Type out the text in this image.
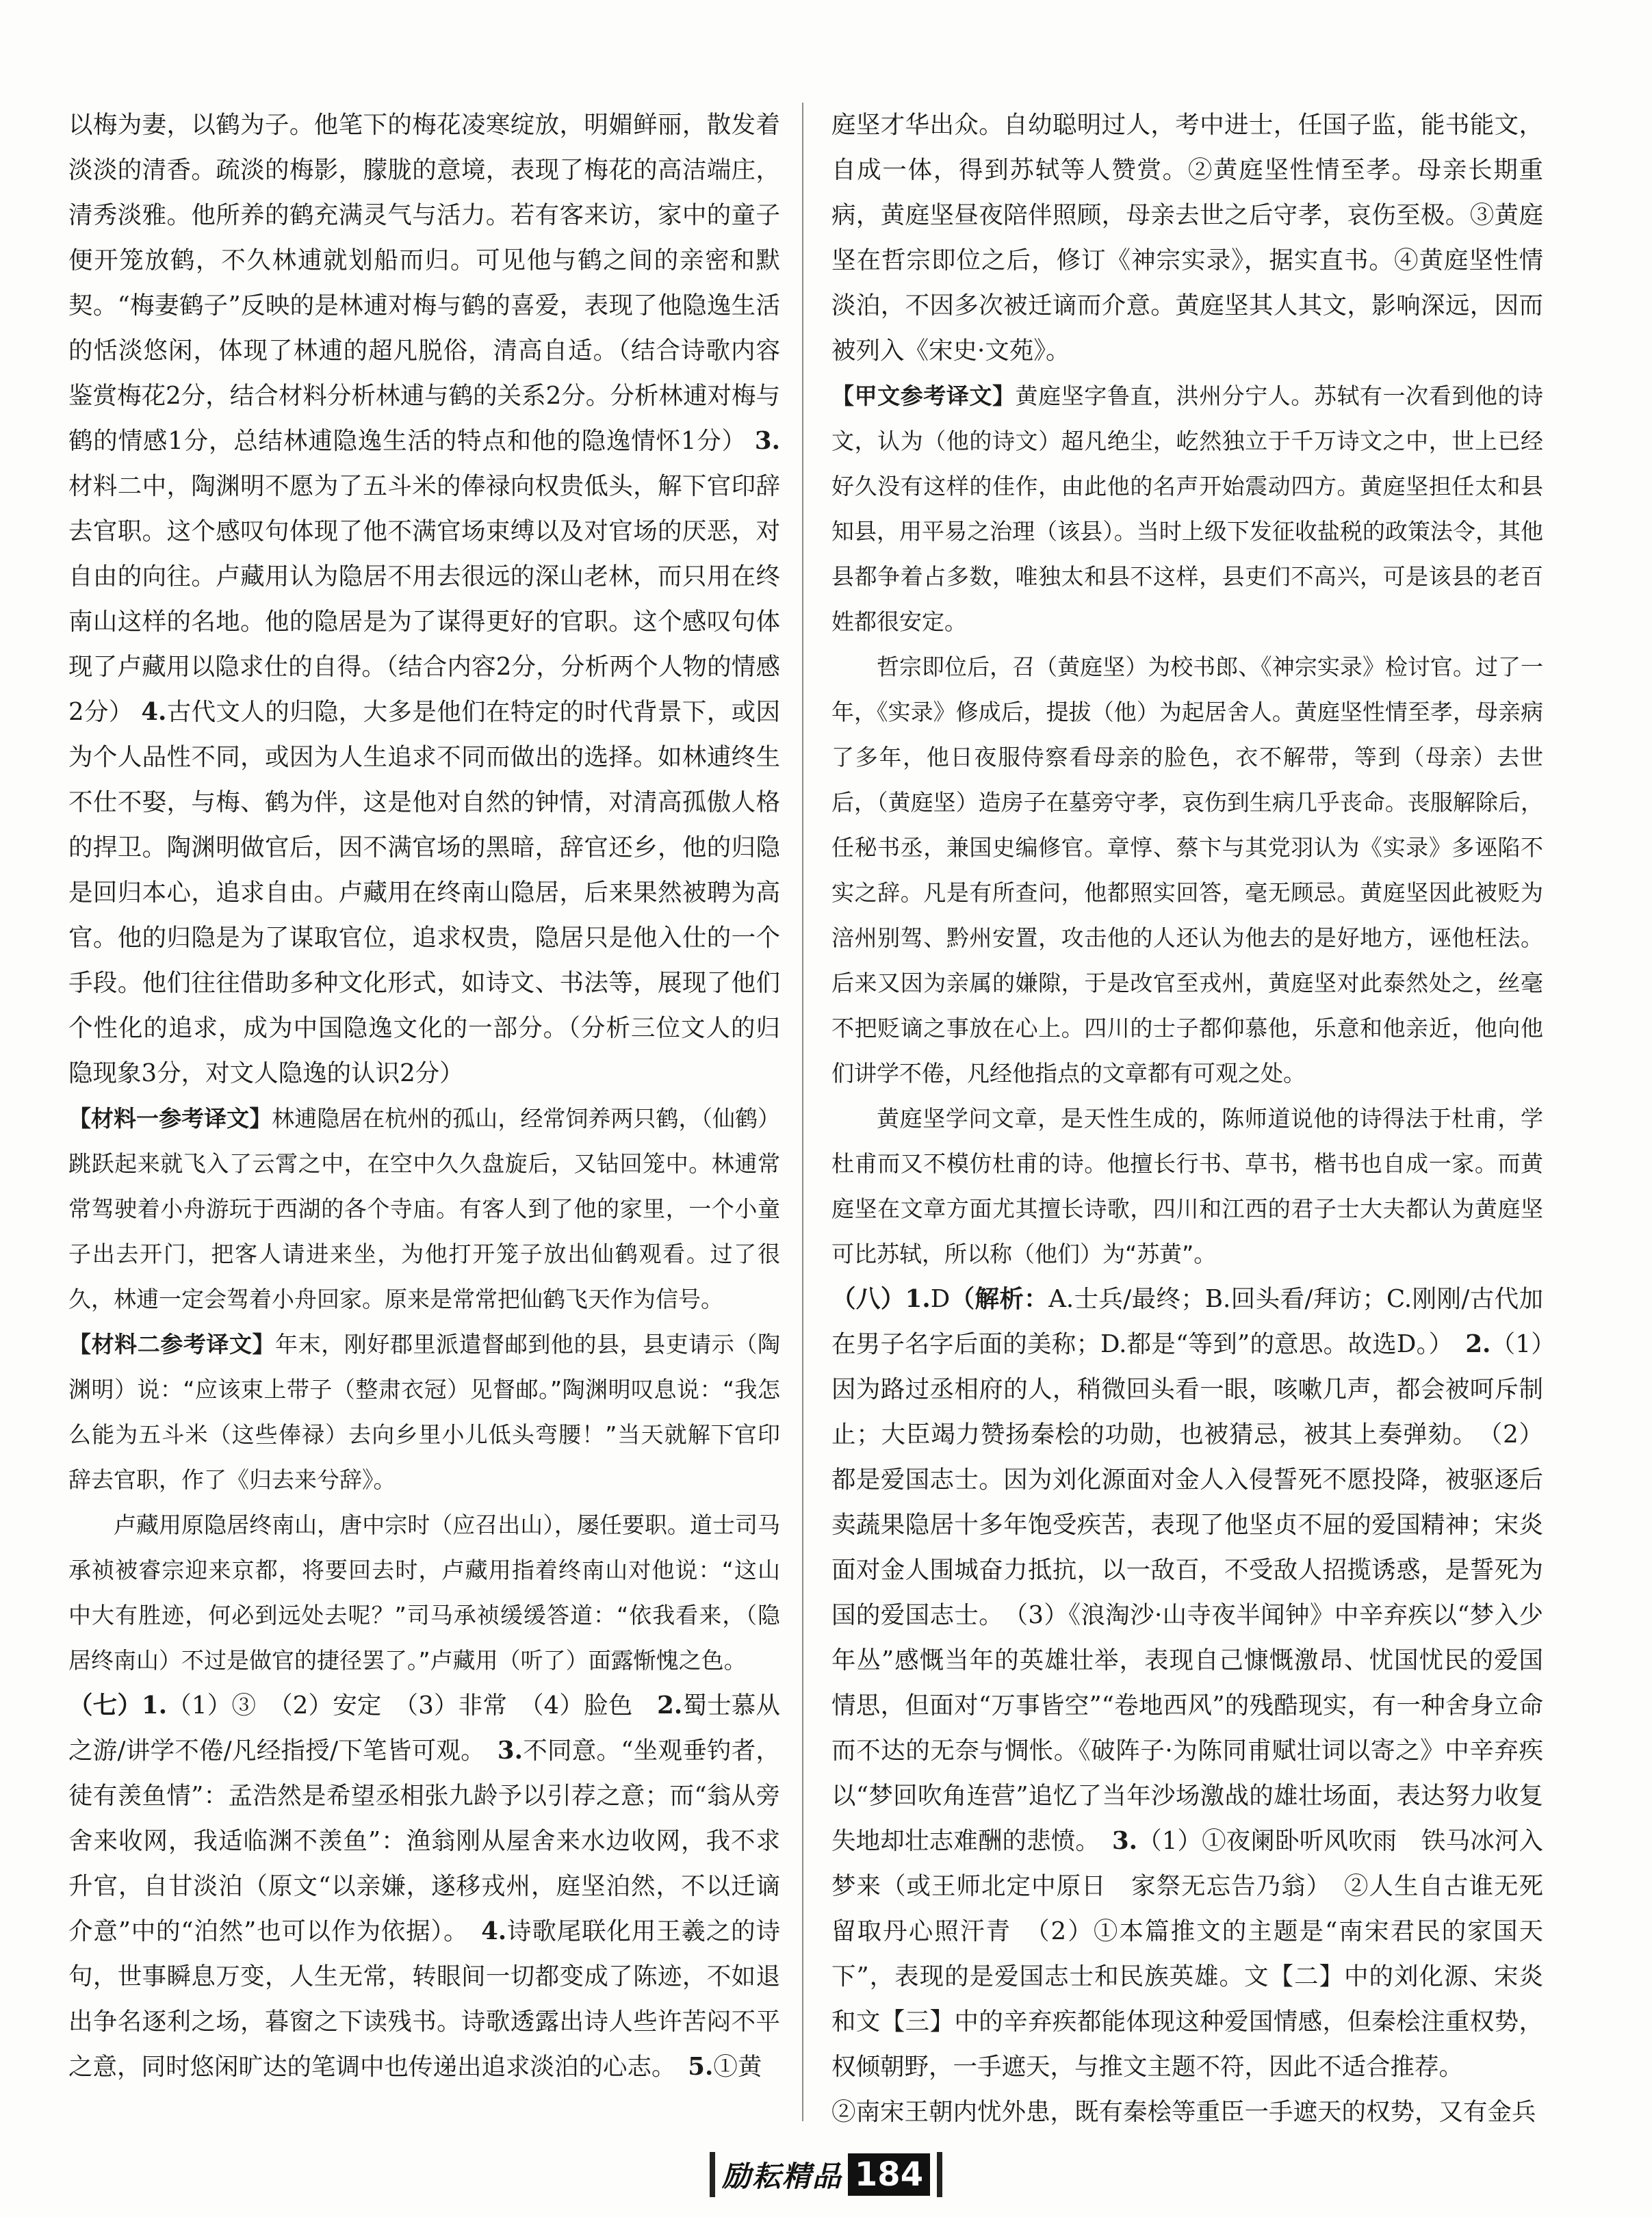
以梅为妻，以鹤为子。他笔下的梅花凌寒绽放，明媚鲜丽，散发着淡淡的清香。疏淡的梅影，朦胧的意境，表现了梅花的高洁端庄，清秀淡雅。他所养的鹤充满灵气与活力。若有客来访，家中的童子便开笼放鹤，不久林逋就划船而归。可见他与鹤之间的亲密和默契。“梅妻鹤子”反映的是林逋对梅与鹤的喜爱，表现了他隐逸生活的恬淡悠闲，体现了林逋的超凡脱俗，清高自适。（结合诗歌内容鉴赏梅花2分，结合材料分析林逋与鹤的关系2分。分析林逋对梅与鹤的情感1分，总结林逋隐逸生活的特点和他的隐逸情怀1分） 3.材料二中，陶渊明不愿为了五斗米的俸禄向权贵低头，解下官印辞去官职。这个感叹句体现了他不满官场束缚以及对官场的厌恶，对自由的向往。卢藏用认为隐居不用去很远的深山老林，而只用在终南山这样的名地。他的隐居是为了谋得更好的官职。这个感叹句体现了卢藏用以隐求仕的自得。（结合内容2分，分析两个人物的情感2分） 4.古代文人的归隐，大多是他们在特定的时代背景下，或因为个人品性不同，或因为人生追求不同而做出的选择。如林逋终生不仕不娶，与梅、鹤为伴，这是他对自然的钟情，对清高孤傲人格的捍卫。陶渊明做官后，因不满官场的黑暗，辞官还乡，他的归隐是回归本心，追求自由。卢藏用在终南山隐居，后来果然被聘为高官。他的归隐是为了谋取官位，追求权贵，隐居只是他入仕的一个手段。他们往往借助多种文化形式，如诗文、书法等，展现了他们个性化的追求，成为中国隐逸文化的一部分。（分析三位文人的归隐现象3分，对文人隐逸的认识2分）

【材料一参考译文】林逋隐居在杭州的孤山，经常饲养两只鹤，（仙鹤）跳跃起来就飞入了云霄之中，在空中久久盘旋后，又钻回笼中。林逋常常驾驶着小舟游玩于西湖的各个寺庙。有客人到了他的家里，一个小童子出去开门，把客人请进来坐，为他打开笼子放出仙鹤观看。过了很久，林逋一定会驾着小舟回家。原来是常常把仙鹤飞天作为信号。

【材料二参考译文】年末，刚好郡里派遣督邮到他的县，县吏请示（陶渊明）说：“应该束上带子（整肃衣冠）见督邮。”陶渊明叹息说：“我怎么能为五斗米（这些俸禄）去向乡里小儿低头弯腰！”当天就解下官印辞去官职，作了《归去来兮辞》。

卢藏用原隐居终南山，唐中宗时（应召出山），屡任要职。道士司马承祯被睿宗迎来京都，将要回去时，卢藏用指着终南山对他说：“这山中大有胜迹，何必到远处去呢？”司马承祯缓缓答道：“依我看来，（隐居终南山）不过是做官的捷径罢了。”卢藏用（听了）面露惭愧之色。

（七）1.（1）③　（2）安定　（3）非常　（4）脸色　2.蜀士慕从之游/讲学不倦/凡经指授/下笔皆可观。　3.不同意。“坐观垂钓者，徒有羡鱼情”：孟浩然是希望丞相张九龄予以引荐之意；而“翁从旁舍来收网，我适临渊不羡鱼”：渔翁刚从屋舍来水边收网，我不求升官，自甘淡泊（原文“以亲嫌，遂移戎州，庭坚泊然，不以迁谪介意”中的“泊然”也可以作为依据）。　4.诗歌尾联化用王羲之的诗句，世事瞬息万变，人生无常，转眼间一切都变成了陈迹，不如退出争名逐利之场，暮窗之下读残书。诗歌透露出诗人些许苦闷不平之意，同时悠闲旷达的笔调中也传递出追求淡泊的心志。　5.①黄

庭坚才华出众。自幼聪明过人，考中进士，任国子监，能书能文，自成一体，得到苏轼等人赞赏。②黄庭坚性情至孝。母亲长期重病，黄庭坚昼夜陪伴照顾，母亲去世之后守孝，哀伤至极。③黄庭坚在哲宗即位之后，修订《神宗实录》，据实直书。④黄庭坚性情淡泊，不因多次被迁谪而介意。黄庭坚其人其文，影响深远，因而被列入《宋史·文苑》。

【甲文参考译文】黄庭坚字鲁直，洪州分宁人。苏轼有一次看到他的诗文，认为（他的诗文）超凡绝尘，屹然独立于千万诗文之中，世上已经好久没有这样的佳作，由此他的名声开始震动四方。黄庭坚担任太和县知县，用平易之治理（该县）。当时上级下发征收盐税的政策法令，其他县都争着占多数，唯独太和县不这样，县吏们不高兴，可是该县的老百姓都很安定。

哲宗即位后，召（黄庭坚）为校书郎、《神宗实录》检讨官。过了一年，《实录》修成后，提拔（他）为起居舍人。黄庭坚性情至孝，母亲病了多年，他日夜服侍察看母亲的脸色，衣不解带，等到（母亲）去世后，（黄庭坚）造房子在墓旁守孝，哀伤到生病几乎丧命。丧服解除后，任秘书丞，兼国史编修官。章惇、蔡卞与其党羽认为《实录》多诬陷不实之辞。凡是有所查问，他都照实回答，毫无顾忌。黄庭坚因此被贬为涪州别驾、黔州安置，攻击他的人还认为他去的是好地方，诬他枉法。后来又因为亲属的嫌隙，于是改官至戎州，黄庭坚对此泰然处之，丝毫不把贬谪之事放在心上。四川的士子都仰慕他，乐意和他亲近，他向他们讲学不倦，凡经他指点的文章都有可观之处。

黄庭坚学问文章，是天性生成的，陈师道说他的诗得法于杜甫，学杜甫而又不模仿杜甫的诗。他擅长行书、草书，楷书也自成一家。而黄庭坚在文章方面尤其擅长诗歌，四川和江西的君子士大夫都认为黄庭坚可比苏轼，所以称（他们）为“苏黄”。

（八）1.D（解析：A.士兵/最终；B.回头看/拜访；C.刚刚/古代加在男子名字后面的美称；D.都是“等到”的意思。故选D。）　2.（1）因为路过丞相府的人，稍微回头看一眼，咳嗽几声，都会被呵斥制止；大臣竭力赞扬秦桧的功勋，也被猜忌，被其上奏弹劾。　（2）都是爱国志士。因为刘化源面对金人入侵誓死不愿投降，被驱逐后卖蔬果隐居十多年饱受疾苦，表现了他坚贞不屈的爱国精神；宋炎面对金人围城奋力抵抗，以一敌百，不受敌人招揽诱惑，是誓死为国的爱国志士。　（3）《浪淘沙·山寺夜半闻钟》中辛弃疾以“梦入少年丛”感慨当年的英雄壮举，表现自己慷慨激昂、忧国忧民的爱国情思，但面对“万事皆空”“卷地西风”的残酷现实，有一种舍身立命而不达的无奈与惆怅。《破阵子·为陈同甫赋壮词以寄之》中辛弃疾以“梦回吹角连营”追忆了当年沙场激战的雄壮场面，表达努力收复失地却壮志难酬的悲愤。　3.（1）①夜阑卧听风吹雨　铁马冰河入梦来（或王师北定中原日　家祭无忘告乃翁）　②人生自古谁无死　留取丹心照汗青　（2）①本篇推文的主题是“南宋君民的家国天下”，表现的是爱国志士和民族英雄。文【二】中的刘化源、宋炎和文【三】中的辛弃疾都能体现这种爱国情感，但秦桧注重权势，权倾朝野，一手遮天，与推文主题不符，因此不适合推荐。

②南宋王朝内忧外患，既有秦桧等重臣一手遮天的权势，又有金兵

励耘精品 184
